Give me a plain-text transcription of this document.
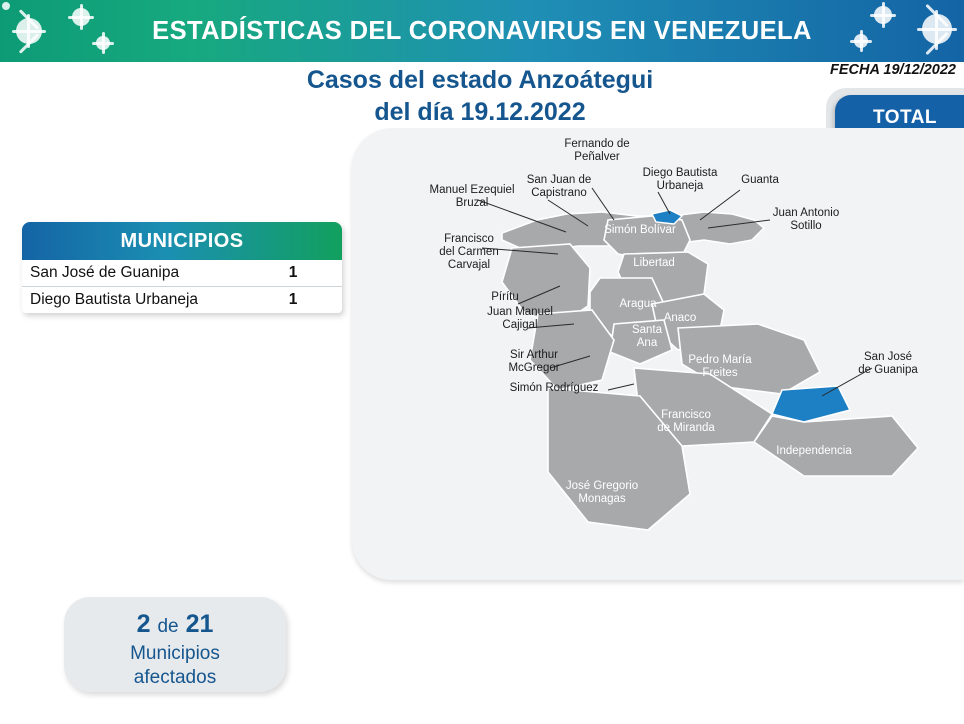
ESTADÍSTICAS DEL CORONAVIRUS EN VENEZUELA
Casos del estado Anzoátegui
del día 19.12.2022
FECHA 19/12/2022
TOTAL
Fernando de
Peñalver
Diego Bautista
Urbaneja	Guanta
San Juan de
Capistrano
Manuel Ezequiel
Bruzal
Juan Antonio
Sotillo
Francisco
del Carmen
Carvajal
Simón Bolívar
Libertad
Pírítu
Juan Manuel
Cajigal
Aragua
Anaco
Santa
Ana
Sir Arthur
McGregor
Simón Rodríguez
Pedro María
Freites
San José
de Guanipa
Francisco
de Miranda
Independencia
José Gregorio
Monagas
MUNICIPIOS
San José de Guanipa	1
Diego Bautista Urbaneja	1
2 de 21
Municipios
afectados
